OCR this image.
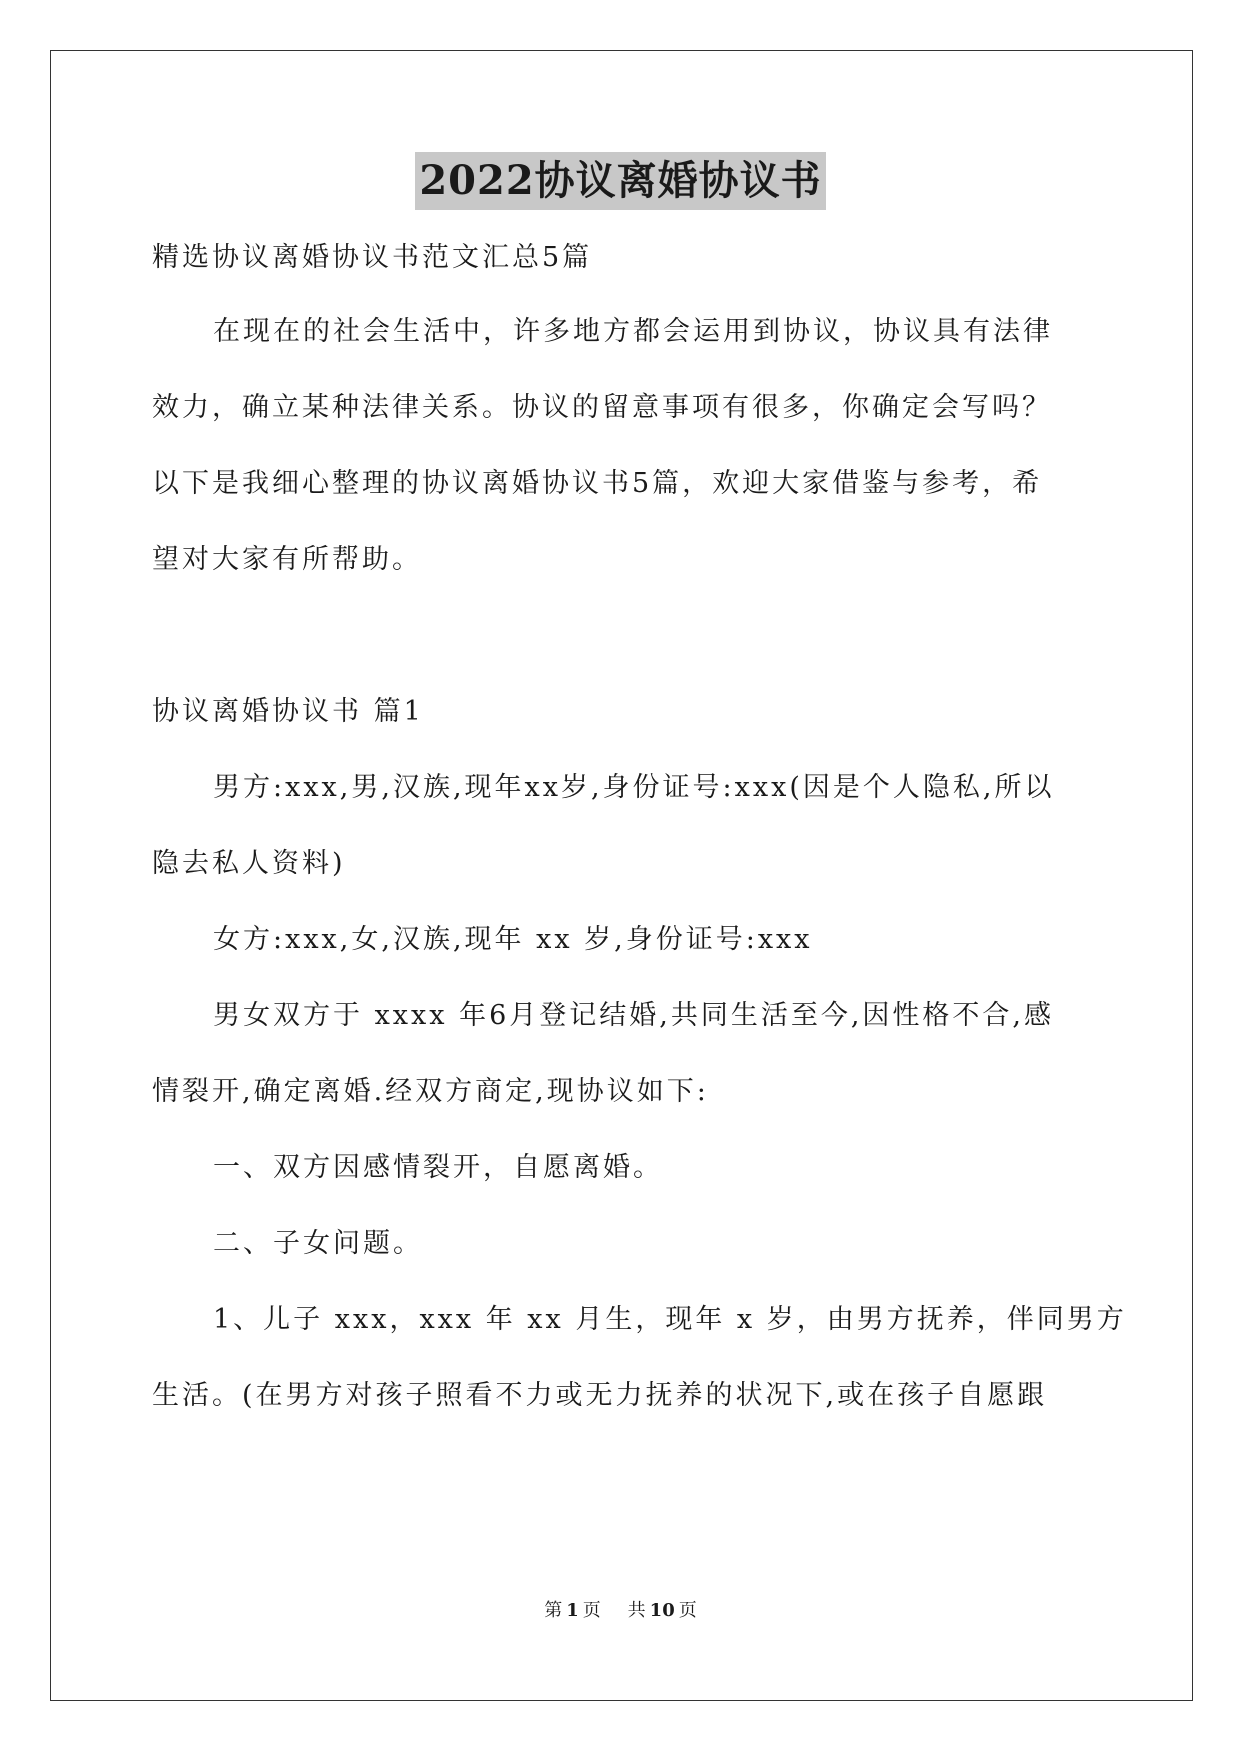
2022协议离婚协议书
精选协议离婚协议书范文汇总5篇
在现在的社会生活中，许多地方都会运用到协议，协议具有法律
效力，确立某种法律关系。协议的留意事项有很多，你确定会写吗？
以下是我细心整理的协议离婚协议书5篇，欢迎大家借鉴与参考，希
望对大家有所帮助。
协议离婚协议书 篇1
男方:xxx,男,汉族,现年xx岁,身份证号:xxx(因是个人隐私,所以
隐去私人资料)
女方:xxx,女,汉族,现年 xx 岁,身份证号:xxx
男女双方于 xxxx 年6月登记结婚,共同生活至今,因性格不合,感
情裂开,确定离婚.经双方商定,现协议如下:
一、双方因感情裂开，自愿离婚。
二、子女问题。
1、儿子 xxx，xxx 年 xx 月生，现年 x 岁，由男方抚养，伴同男方
生活。(在男方对孩子照看不力或无力抚养的状况下,或在孩子自愿跟
第 1 页 共 10 页
